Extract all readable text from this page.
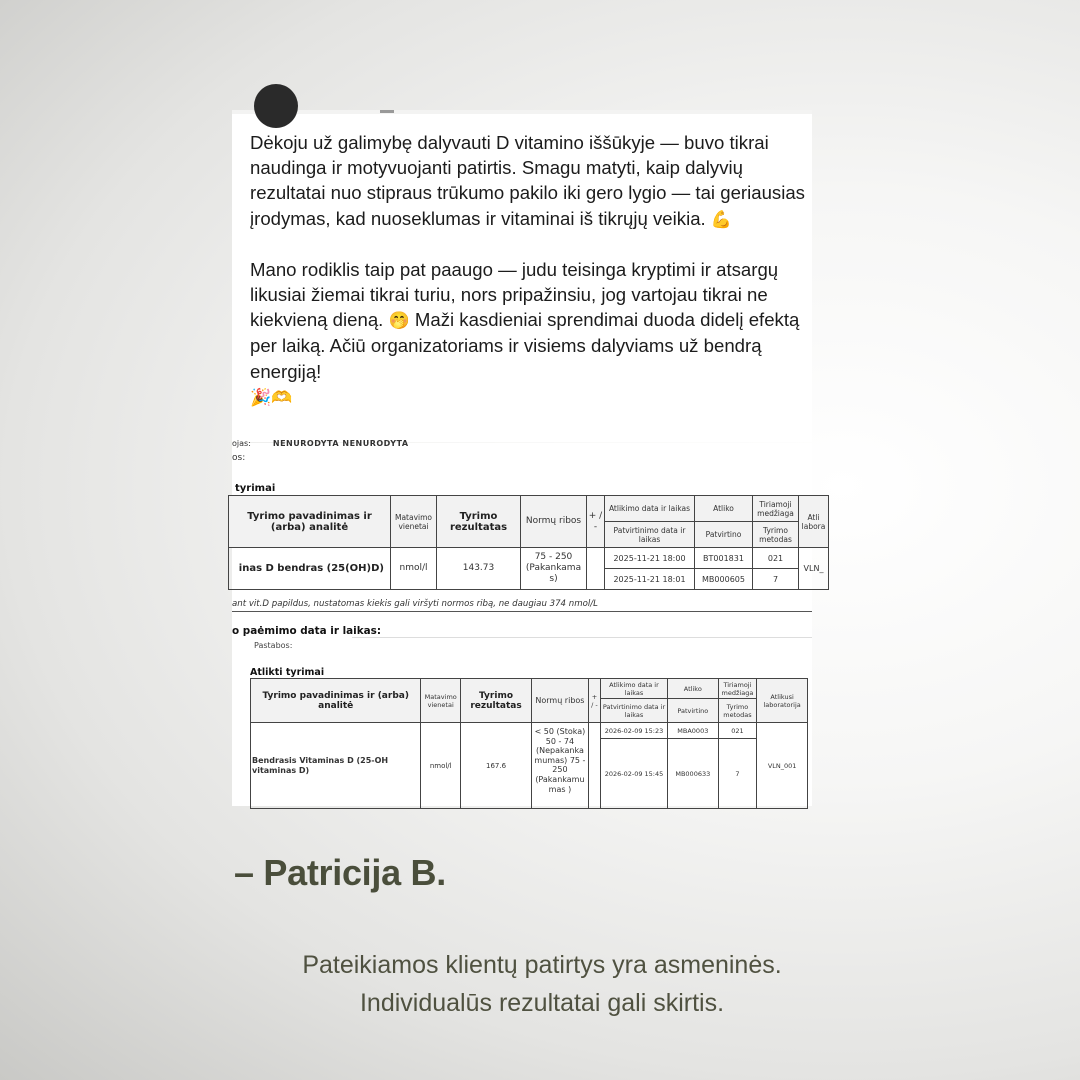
Dėkoju už galimybę dalyvauti D vitamino iššūkyje — buvo tikrai naudinga ir motyvuojanti patirtis. Smagu matyti, kaip dalyvių rezultatai nuo stipraus trūkumo pakilo iki gero lygio — tai geriausias įrodymas, kad nuoseklumas ir vitaminai iš tikrųjų veikia. 💪

Mano rodiklis taip pat paaugo — judu teisinga kryptimi ir atsargų likusiai žiemai tikrai turiu, nors pripažinsiu, jog vartojau tikrai ne kiekvieną dieną. 🤭 Maži kasdieniai sprendimai duoda didelį efektą per laiką. Ačiū organizatoriams ir visiems dalyviams už bendrą energiją!
🎉🫶

ojas:	NENURODYTA NENURODYTA
os:
tyrimai
Tyrimo pavadinimas ir (arba) analitė	Matavimo vienetai	Tyrimo rezultatas	Normų ribos	+ / -	Atlikimo data ir laikas	Atliko	Tiriamoji medžiaga	Atli labora
					Patvirtinimo data ir laikas	Patvirtino	Tyrimo metodas	
inas D bendras (25(OH)D)	nmol/l	143.73	75 - 250 (Pakankama s)		2025-11-21 18:00	BT001831	021	VLN_
					2025-11-21 18:01	MB000605	7	
ant vit.D papildus, nustatomas kiekis gali viršyti normos ribą, ne daugiau 374 nmol/L
o paėmimo data ir laikas:
Pastabos:
Atlikti tyrimai
Tyrimo pavadinimas ir (arba) analitė	Matavimo vienetai	Tyrimo rezultatas	Normų ribos	+ / -	Atlikimo data ir laikas	Atliko	Tiriamoji medžiaga	Atlikusi laboratorija
					Patvirtinimo data ir laikas	Patvirtino	Tyrimo metodas	
Bendrasis Vitaminas D (25-OH vitaminas D)	nmol/l	167.6	< 50 (Stoka) 50 - 74 (Nepakanka mumas) 75 - 250 (Pakankamu mas )		2026-02-09 15:23	MBA0003	021	VLN_001
					2026-02-09 15:45	MB000633	7	
– Patricija B.
Pateikiamos klientų patirtys yra asmeninės.
Individualūs rezultatai gali skirtis.
